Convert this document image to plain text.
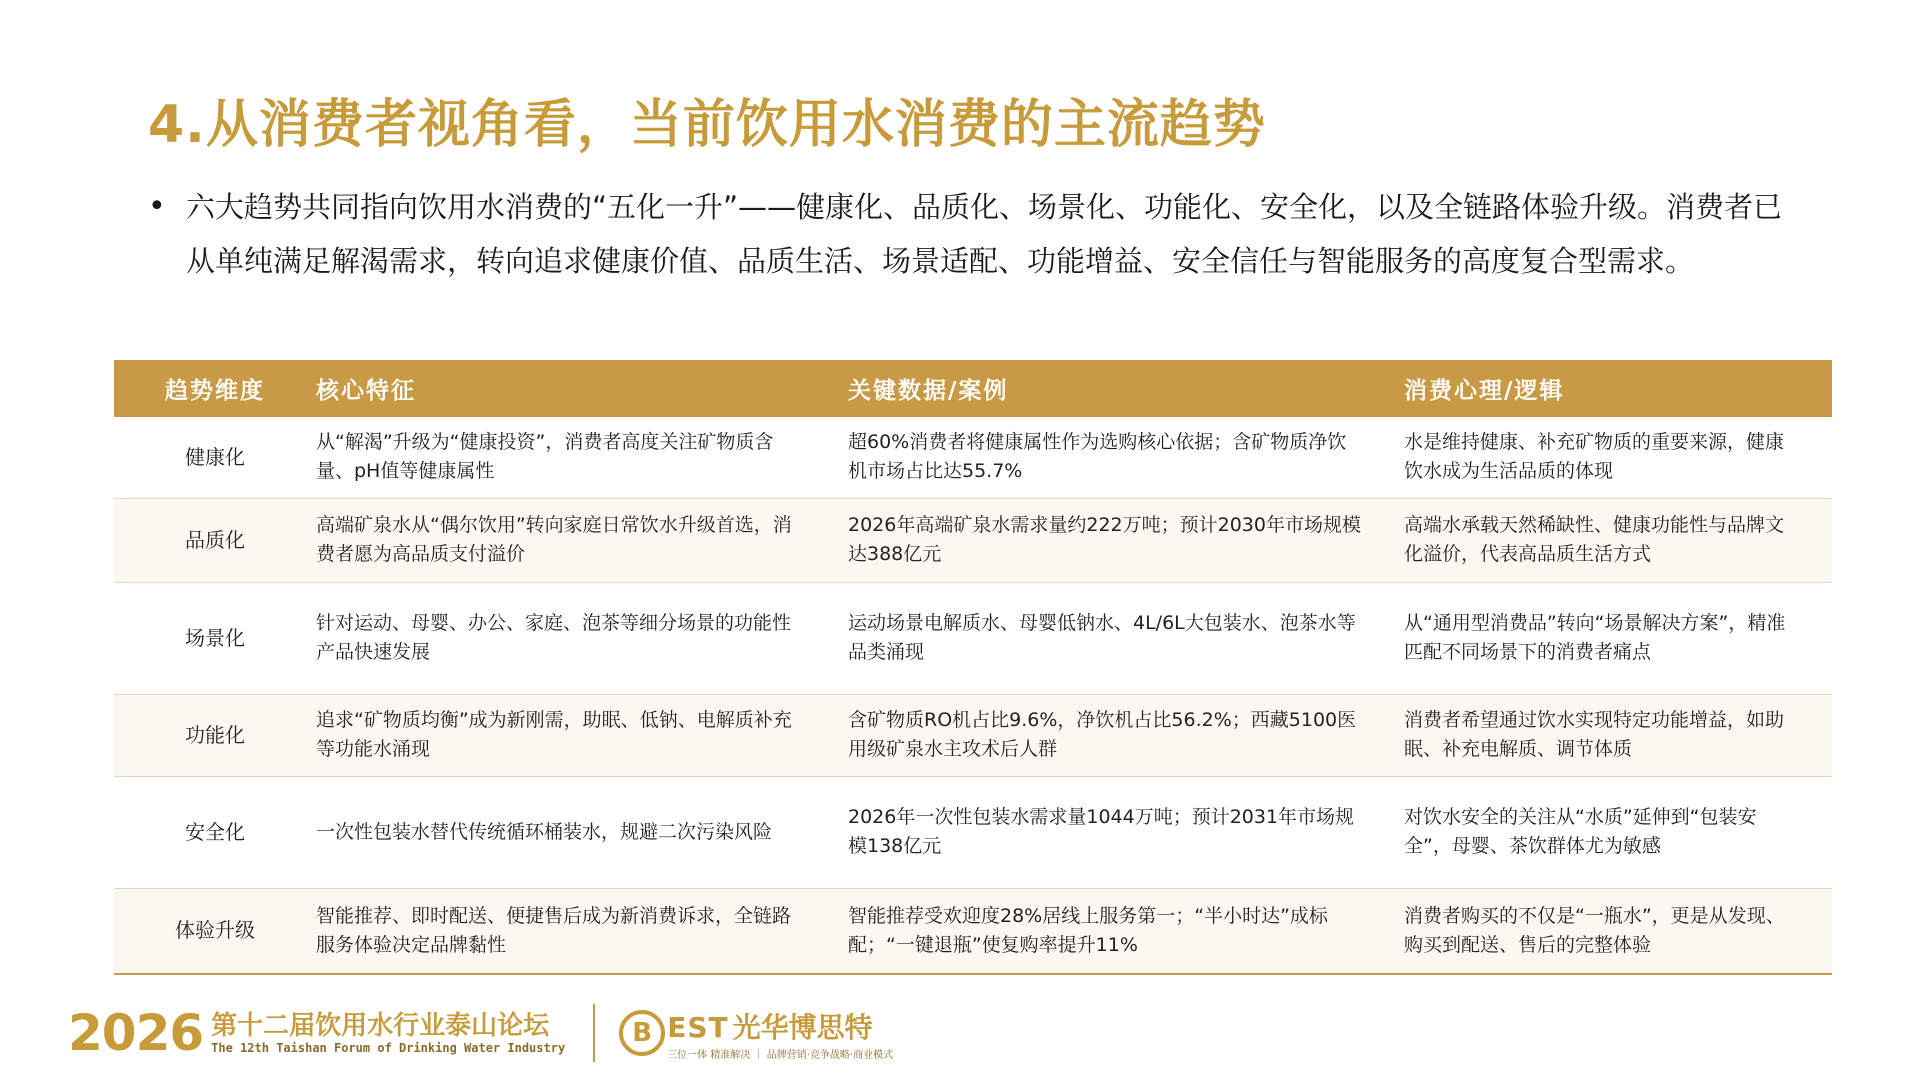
4.从消费者视角看，当前饮用水消费的主流趋势
• 六大趋势共同指向饮用水消费的“五化一升”——健康化、品质化、场景化、功能化、安全化，以及全链路体验升级。消费者已从单纯满足解渴需求，转向追求健康价值、品质生活、场景适配、功能增益、安全信任与智能服务的高度复合型需求。
趋势维度	核心特征	关键数据/案例	消费心理/逻辑
健康化	从“解渴”升级为“健康投资”，消费者高度关注矿物质含量、pH值等健康属性	超60%消费者将健康属性作为选购核心依据；含矿物质净饮机市场占比达55.7%	水是维持健康、补充矿物质的重要来源，健康饮水成为生活品质的体现

品质化	高端矿泉水从“偶尔饮用”转向家庭日常饮水升级首选，消费者愿为高品质支付溢价	2026年高端矿泉水需求量约222万吨；预计2030年市场规模达388亿元	高端水承载天然稀缺性、健康功能性与品牌文化溢价，代表高品质生活方式

场景化	针对运动、母婴、办公、家庭、泡茶等细分场景的功能性产品快速发展	运动场景电解质水、母婴低钠水、4L/6L大包装水、泡茶水等品类涌现	从“通用型消费品”转向“场景解决方案”，精准匹配不同场景下的消费者痛点

功能化	追求“矿物质均衡”成为新刚需，助眠、低钠、电解质补充等功能水涌现	含矿物质RO机占比9.6%，净饮机占比56.2%；西藏5100医用级矿泉水主攻术后人群	消费者希望通过饮水实现特定功能增益，如助眠、补充电解质、调节体质

安全化	一次性包装水替代传统循环桶装水，规避二次污染风险	2026年一次性包装水需求量1044万吨；预计2031年市场规模138亿元	对饮水安全的关注从“水质”延伸到“包装安全”，母婴、茶饮群体尤为敏感

体验升级	智能推荐、即时配送、便捷售后成为新消费诉求，全链路服务体验决定品牌黏性	智能推荐受欢迎度28%居线上服务第一；“半小时达”成标配；“一键退瓶”使复购率提升11%	消费者购买的不仅是“一瓶水”，更是从发现、购买到配送、售后的完整体验
2026 第十二届饮用水行业泰山论坛
The 12th Taishan Forum of Drinking Water Industry	B EST 光华博思特
三位一体 精准解决 ｜ 品牌营销·竞争战略·商业模式
